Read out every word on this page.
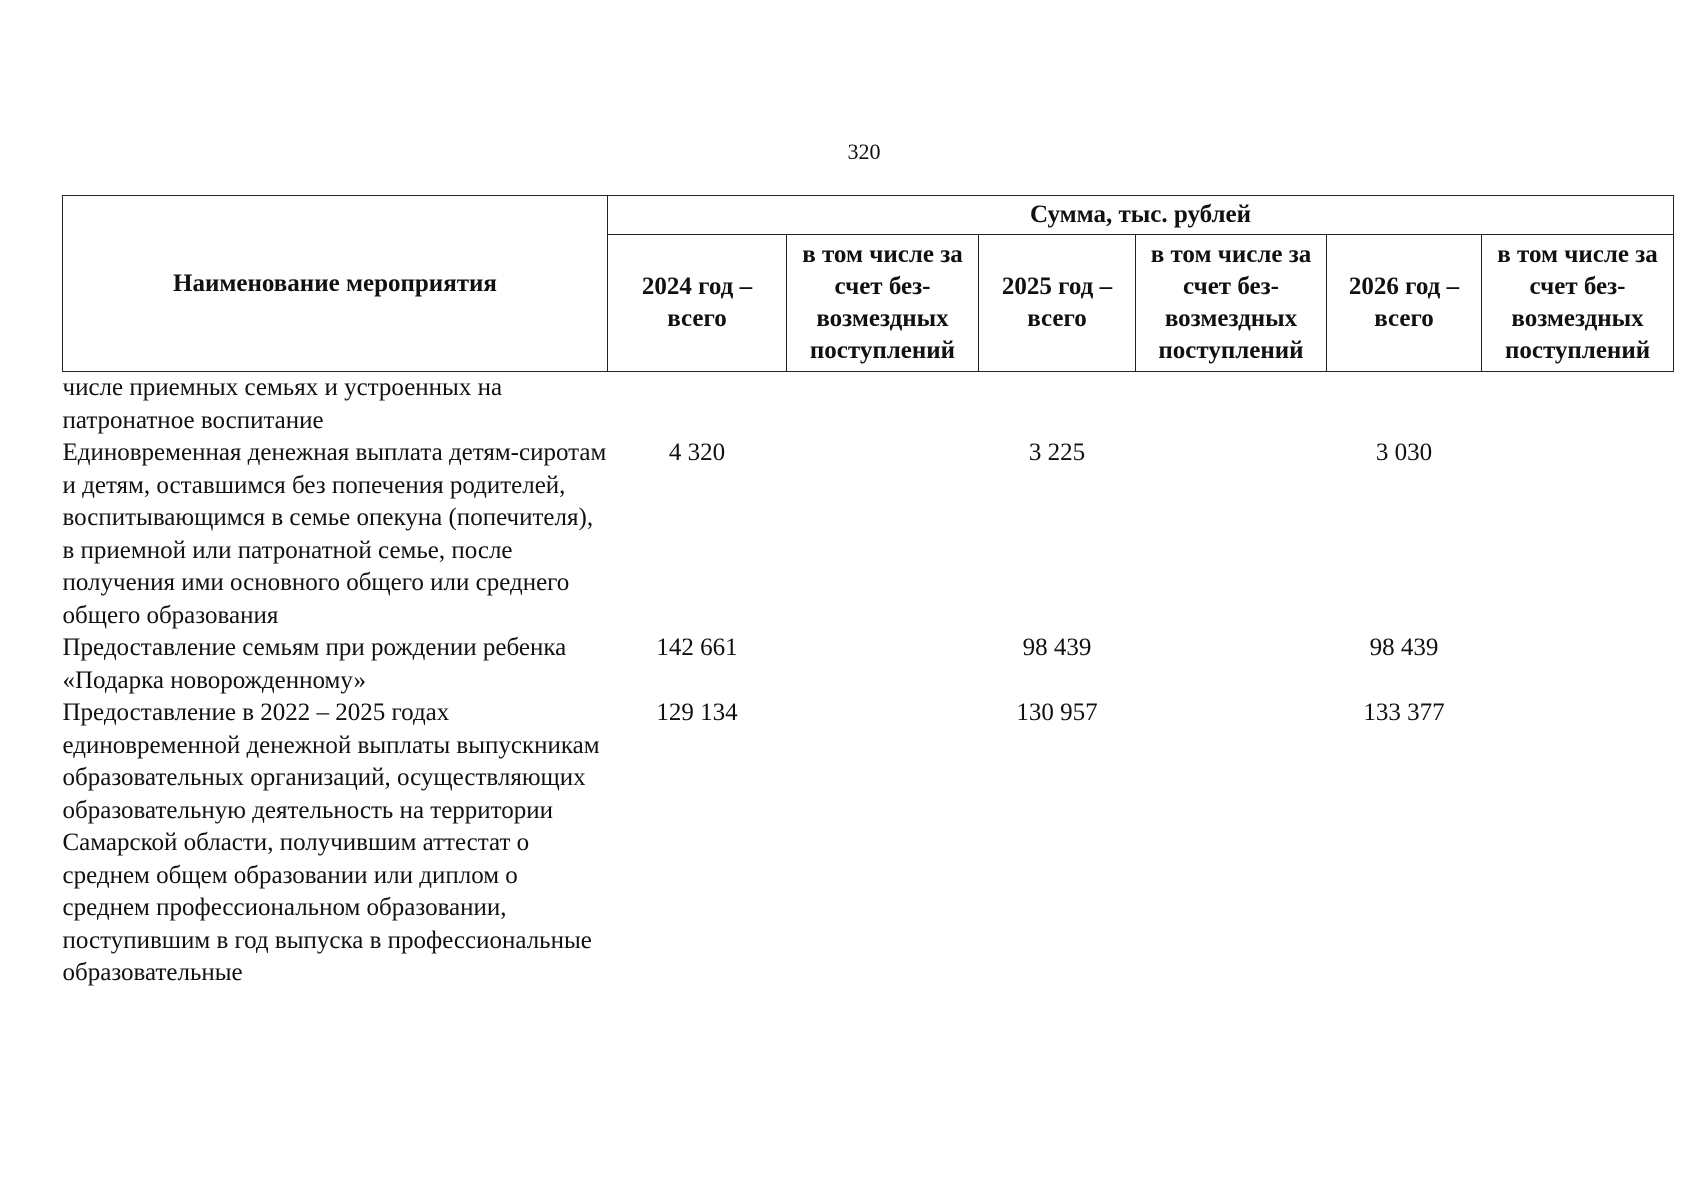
320
Наименование мероприятия	Сумма, тыс. рублей					
	2024 год – всего	в том числе за счет без-возмездных поступлений	2025 год – всего	в том числе за счет без-возмездных поступлений	2026 год – всего	в том числе за счет без-возмездных поступлений
числе приемных семьях и устроенных на патронатное воспитание						
Единовременная денежная выплата детям-сиротам и детям, оставшимся без попечения родителей, воспитывающимся в семье опекуна (попечителя), в приемной или патронатной семье, после получения ими основного общего или среднего общего образования	4 320		3 225		3 030	
Предоставление семьям при рождении ребенка «Подарка новорожденному»	142 661		98 439		98 439	
Предоставление в 2022 – 2025 годах единовременной денежной выплаты выпускникам образовательных организаций, осуществляющих образовательную деятельность на территории Самарской области, получившим аттестат о среднем общем образовании или диплом о среднем профессиональном образовании, поступившим в год выпуска в профессиональные образовательные	129 134		130 957		133 377	
